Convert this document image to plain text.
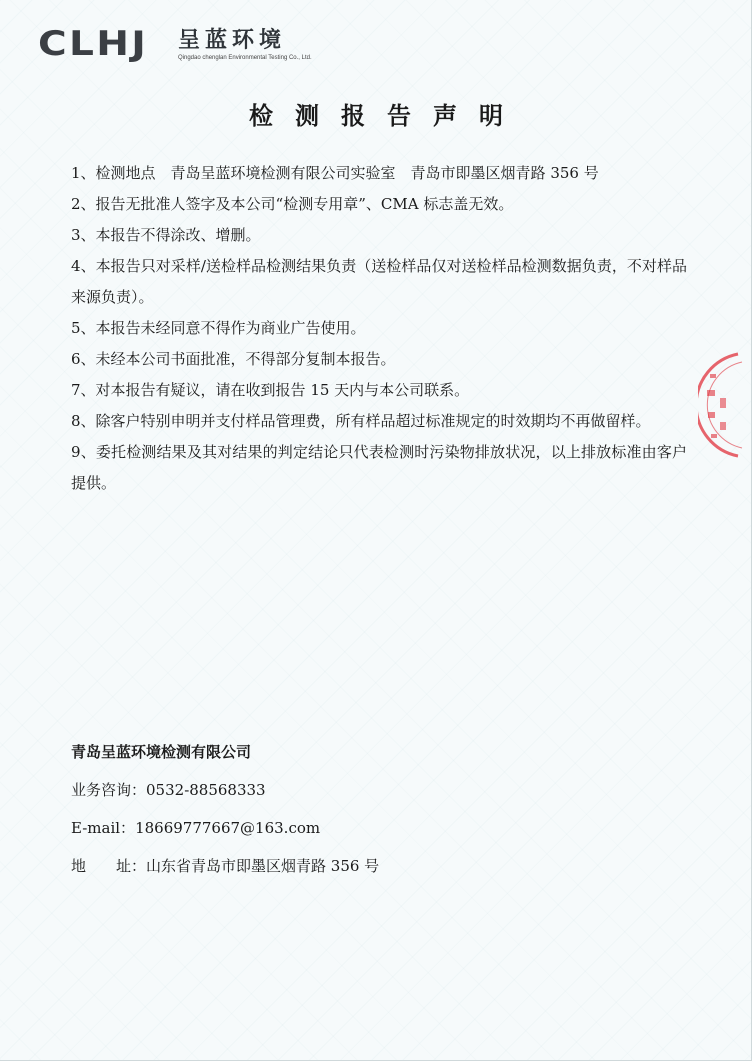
CLHJ	呈蓝环境
Qingdao chenglan Environmental Testing Co., Ltd.
检测报告声明

1、检测地点　青岛呈蓝环境检测有限公司实验室　青岛市即墨区烟青路 356 号

2、报告无批准人签字及本公司“检测专用章”、CMA 标志盖无效。

3、本报告不得涂改、增删。

4、本报告只对采样/送检样品检测结果负责（送检样品仅对送检样品检测数据负责，不对样品来源负责）。

5、本报告未经同意不得作为商业广告使用。

6、未经本公司书面批准，不得部分复制本报告。

7、对本报告有疑议，请在收到报告 15 天内与本公司联系。

8、除客户特别申明并支付样品管理费，所有样品超过标准规定的时效期均不再做留样。

9、委托检测结果及其对结果的判定结论只代表检测时污染物排放状况，以上排放标准由客户提供。

青岛呈蓝环境检测有限公司
业务咨询：0532-88568333
E-mail：18669777667@163.com
地　　址：山东省青岛市即墨区烟青路 356 号
